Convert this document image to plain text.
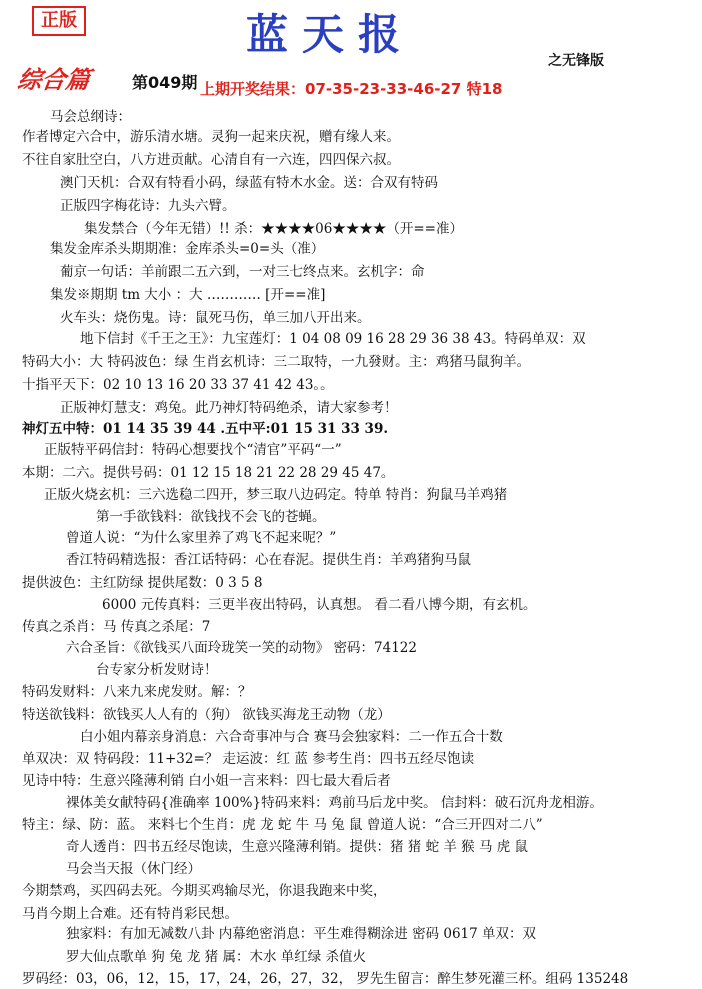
正版	蓝天报
之无锋版
综合篇	第049期 上期开奖结果：07-35-23-33-46-27 特18
马会总纲诗：
作者博定六合中，游乐清水塘。灵狗一起来庆祝，赠有缘人来。
不往自家肚空白，八方进贡献。心清自有一六连，四四保六叔。
澳门天机：合双有特看小码，绿蓝有特木水金。送：合双有特码
正版四字梅花诗：九头六臂。
集发禁合（今年无错）!! 杀：★★★★06★★★★（开==准）
集发金库杀头期期准：金库杀头=0=头（准）
葡京一句话：羊前跟二五六到，一对三七终点来。玄机字：命
集发※期期 tm 大小 ：大 ………… [开==准]
火车头：烧伤鬼。诗：鼠死马伤，单三加八开出来。
地下信封《千王之王》：九宝莲灯：1 04 08 09 16 28 29 36 38 43。特码单双：双
特码大小：大 特码波色：绿 生肖玄机诗：三二取特，一九發财。主：鸡猪马鼠狗羊。
十指平天下：02 10 13 16 20 33 37 41 42 43。。
正版神灯慧支：鸡兔。此乃神灯特码绝杀，请大家参考！
神灯五中特：01 14 35 39 44 .五中平:01 15 31 33 39.
正版特平码信封：特码心想要找个“清官”平码“一”
本期：二六。提供号码：01 12 15 18 21 22 28 29 45 47。
正版火烧玄机：三六选稳二四开，梦三取八边码定。特单 特肖：狗鼠马羊鸡猪
第一手欲钱料：欲钱找不会飞的苍蝇。
曾道人说：“为什么家里养了鸡飞不起来呢？”
香江特码精选报：香江话特码：心在春泥。提供生肖：羊鸡猪狗马鼠
提供波色：主红防绿 提供尾数：0 3 5 8
6000 元传真料：三更半夜出特码，认真想。 看二看八博今期，有玄机。
传真之杀肖：马 传真之杀尾：7
六合圣旨：《欲钱买八面玲珑笑一笑的动物》 密码：74122
台专家分析发财诗！
特码发财料：八来九来虎发财。解：？
特送欲钱料：欲钱买人人有的（狗） 欲钱买海龙王动物（龙）
白小姐内幕亲身消息：六合奇事冲与合 赛马会独家料：二一作五合十数
单双决：双 特码段：11+32=？ 走运波：红 蓝 参考生肖：四书五经尽饱读
见诗中特：生意兴隆薄利销 白小姐一言来料：四七最大看后者
裸体美女献特码{准确率 100%}特码来料：鸡前马后龙中奖。 信封料：破石沉舟龙相游。
特主：绿、防：蓝。 来料七个生肖：虎 龙 蛇 牛 马 兔 鼠 曾道人说：“合三开四对二八”
奇人透肖：四书五经尽饱读，生意兴隆薄利销。提供：猪 猪 蛇 羊 猴 马 虎 鼠
马会当天报（休门经）
今期禁鸡，买四码去死。今期买鸡输尽光，你退我跑来中奖，
马肖今期上合难。还有特肖彩民想。
独家料：有加无减数八卦 内幕绝密消息：平生难得糊涂进 密码 0617 单双：双
罗大仙点歌单 狗 兔 龙 猪 属：木水 单红绿 杀值火
罗码经：03，06，12，15，17，24，26，27，32， 罗先生留言：醉生梦死灌三杯。组码 135248
